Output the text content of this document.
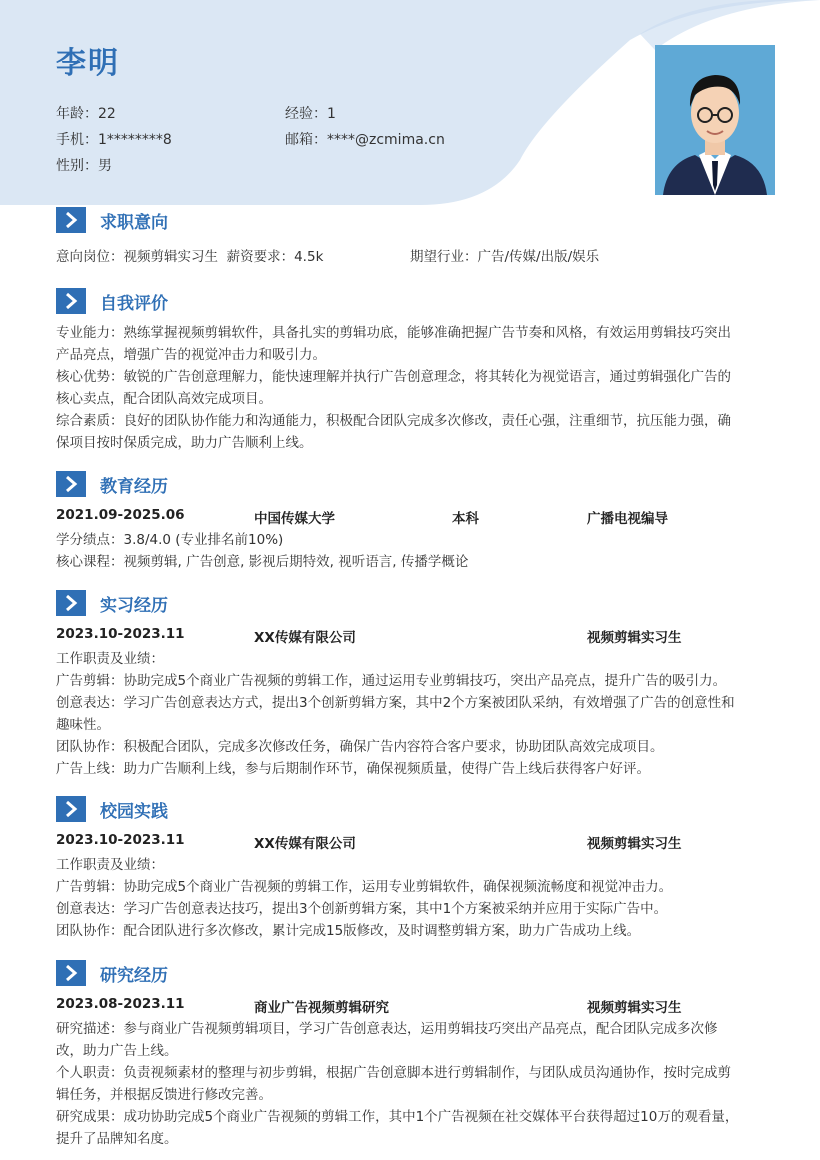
李明
年龄 ： 22	经验 ： 1
手机 ： 1********8	邮箱 ： ****@zcmima.cn
性别 ： 男
求职意向
意向岗位：视频剪辑实习生 薪资要求：4.5k	期望行业：广告/传媒/出版/娱乐
自我评价
专业能力：熟练掌握视频剪辑软件，具备扎实的剪辑功底，能够准确把握广告节奏和风格，有效运用剪辑技巧突出
产品亮点，增强广告的视觉冲击力和吸引力。
核心优势：敏锐的广告创意理解力，能快速理解并执行广告创意理念，将其转化为视觉语言，通过剪辑强化广告的
核心卖点，配合团队高效完成项目。
综合素质：良好的团队协作能力和沟通能力，积极配合团队完成多次修改，责任心强，注重细节，抗压能力强，确
保项目按时保质完成，助力广告顺利上线。
教育经历
2021.09-2025.06	中国传媒大学	本科	广播电视编导
学分绩点：3.8/4.0 (专业排名前10%)
核心课程：视频剪辑, 广告创意, 影视后期特效, 视听语言, 传播学概论
实习经历
2023.10-2023.11	XX传媒有限公司	视频剪辑实习生
工作职责及业绩：
广告剪辑：协助完成5个商业广告视频的剪辑工作，通过运用专业剪辑技巧，突出产品亮点，提升广告的吸引力。
创意表达：学习广告创意表达方式，提出3个创新剪辑方案，其中2个方案被团队采纳，有效增强了广告的创意性和
趣味性。
团队协作：积极配合团队，完成多次修改任务，确保广告内容符合客户要求，协助团队高效完成项目。
广告上线：助力广告顺利上线，参与后期制作环节，确保视频质量，使得广告上线后获得客户好评。
校园实践
2023.10-2023.11	XX传媒有限公司	视频剪辑实习生
工作职责及业绩：
广告剪辑：协助完成5个商业广告视频的剪辑工作，运用专业剪辑软件，确保视频流畅度和视觉冲击力。
创意表达：学习广告创意表达技巧，提出3个创新剪辑方案，其中1个方案被采纳并应用于实际广告中。
团队协作：配合团队进行多次修改，累计完成15版修改，及时调整剪辑方案，助力广告成功上线。
研究经历
2023.08-2023.11	商业广告视频剪辑研究	视频剪辑实习生
研究描述：参与商业广告视频剪辑项目，学习广告创意表达，运用剪辑技巧突出产品亮点，配合团队完成多次修
改，助力广告上线。
个人职责：负责视频素材的整理与初步剪辑，根据广告创意脚本进行剪辑制作，与团队成员沟通协作，按时完成剪
辑任务，并根据反馈进行修改完善。
研究成果：成功协助完成5个商业广告视频的剪辑工作，其中1个广告视频在社交媒体平台获得超过10万的观看量，
提升了品牌知名度。
